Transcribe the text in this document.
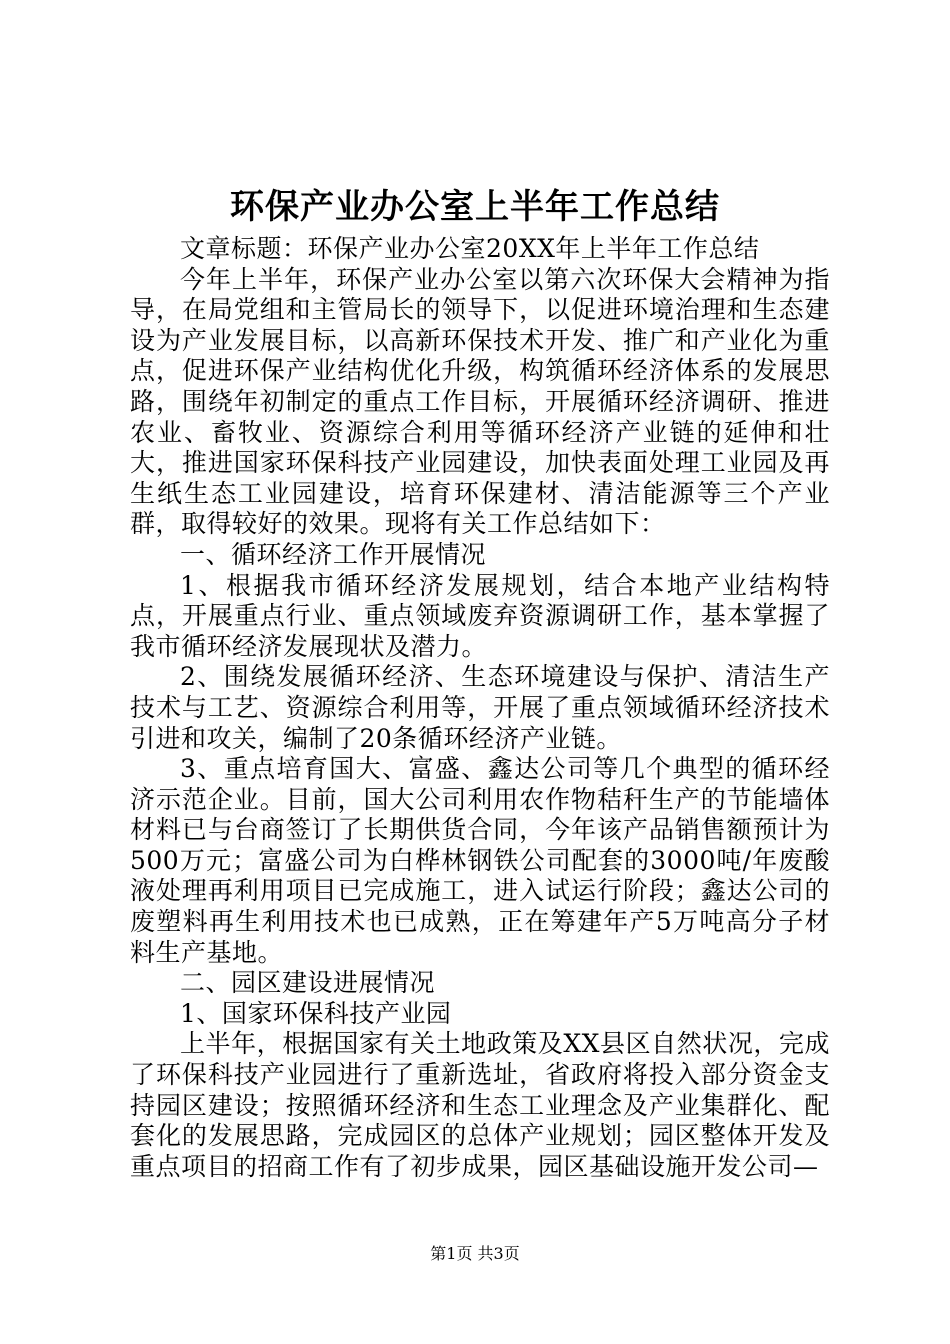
环保产业办公室上半年工作总结

文章标题：环保产业办公室20XX年上半年工作总结

今年上半年，环保产业办公室以第六次环保大会精神为指导，在局党组和主管局长的领导下，以促进环境治理和生态建设为产业发展目标，以高新环保技术开发、推广和产业化为重点，促进环保产业结构优化升级，构筑循环经济体系的发展思路，围绕年初制定的重点工作目标，开展循环经济调研、推进农业、畜牧业、资源综合利用等循环经济产业链的延伸和壮大，推进国家环保科技产业园建设，加快表面处理工业园及再生纸生态工业园建设，培育环保建材、清洁能源等三个产业群，取得较好的效果。现将有关工作总结如下：

一、循环经济工作开展情况

1、根据我市循环经济发展规划，结合本地产业结构特点，开展重点行业、重点领域废弃资源调研工作，基本掌握了我市循环经济发展现状及潜力。

2、围绕发展循环经济、生态环境建设与保护、清洁生产技术与工艺、资源综合利用等，开展了重点领域循环经济技术引进和攻关，编制了20条循环经济产业链。

3、重点培育国大、富盛、鑫达公司等几个典型的循环经济示范企业。目前，国大公司利用农作物秸秆生产的节能墙体材料已与台商签订了长期供货合同，今年该产品销售额预计为500万元；富盛公司为白桦林钢铁公司配套的3000吨/年废酸液处理再利用项目已完成施工，进入试运行阶段；鑫达公司的废塑料再生利用技术也已成熟，正在筹建年产5万吨高分子材料生产基地。

二、园区建设进展情况

1、国家环保科技产业园

上半年，根据国家有关土地政策及XX县区自然状况，完成了环保科技产业园进行了重新选址，省政府将投入部分资金支持园区建设；按照循环经济和生态工业理念及产业集群化、配套化的发展思路，完成园区的总体产业规划；园区整体开发及重点项目的招商工作有了初步成果，园区基础设施开发公司—

第1页 共3页
